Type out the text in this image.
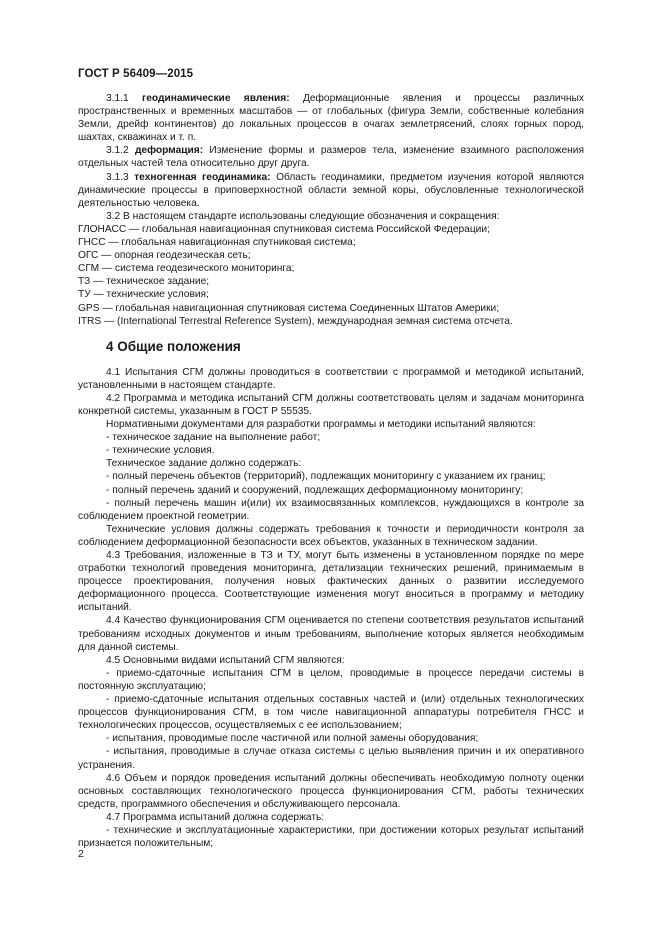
ГОСТ Р 56409—2015

3.1.1 геодинамические явления: Деформационные явления и процессы различных пространственных и временных масштабов — от глобальных (фигура Земли, собственные колебания Земли, дрейф континентов) до локальных процессов в очагах землетрясений, слоях горных пород, шахтах, скважинах и т. п.

3.1.2 деформация: Изменение формы и размеров тела, изменение взаимного расположения отдельных частей тела относительно друг друга.

3.1.3 техногенная геодинамика: Область геодинамики, предметом изучения которой являются динамические процессы в приповерхностной области земной коры, обусловленные технологической деятельностью человека.

3.2 В настоящем стандарте использованы следующие обозначения и сокращения:

ГЛОНАСС — глобальная навигационная спутниковая система Российской Федерации;

ГНСС — глобальная навигационная спутниковая система;

ОГС — опорная геодезическая сеть;

СГМ — система геодезического мониторинга;

ТЗ — техническое задание;

ТУ — технические условия;

GPS — глобальная навигационная спутниковая система Соединенных Штатов Америки;

ITRS — (International Terrestral Reference System), международная земная система отсчета.

4 Общие положения

4.1 Испытания СГМ должны проводиться в соответствии с программой и методикой испытаний, установленными в настоящем стандарте.

4.2 Программа и методика испытаний СГМ должны соответствовать целям и задачам мониторинга конкретной системы, указанным в ГОСТ Р 55535.

Нормативными документами для разработки программы и методики испытаний являются:

- техническое задание на выполнение работ;

- технические условия.

Техническое задание должно содержать:

- полный перечень объектов (территорий), подлежащих мониторингу с указанием их границ;

- полный перечень зданий и сооружений, подлежащих деформационному мониторингу;

- полный перечень машин и(или) их взаимосвязанных комплексов, нуждающихся в контроле за соблюдением проектной геометрии.

Технические условия должны содержать требования к точности и периодичности контроля за соблюдением деформационной безопасности всех объектов, указанных в техническом задании.

4.3 Требования, изложенные в ТЗ и ТУ, могут быть изменены в установленном порядке по мере отработки технологий проведения мониторинга, детализации технических решений, принимаемым в процессе проектирования, получения новых фактических данных о развитии исследуемого деформационного процесса. Соответствующие изменения могут вноситься в программу и методику испытаний.

4.4 Качество функционирования СГМ оценивается по степени соответствия результатов испытаний требованиям исходных документов и иным требованиям, выполнение которых является необходимым для данной системы.

4.5 Основными видами испытаний СГМ являются:

- приемо-сдаточные испытания СГМ в целом, проводимые в процессе передачи системы в постоянную эксплуатацию;

- приемо-сдаточные испытания отдельных составных частей и (или) отдельных технологических процессов функционирования СГМ, в том числе навигационной аппаратуры потребителя ГНСС и технологических процессов, осуществляемых с ее использованием;

- испытания, проводимые после частичной или полной замены оборудования;

- испытания, проводимые в случае отказа системы с целью выявления причин и их оперативного устранения.

4.6 Объем и порядок проведения испытаний должны обеспечивать необходимую полноту оценки основных составляющих технологического процесса функционирования СГМ, работы технических средств, программного обеспечения и обслуживающего персонала.

4.7 Программа испытаний должна содержать:

- технические и эксплуатационные характеристики, при достижении которых результат испытаний признается положительным;

2
